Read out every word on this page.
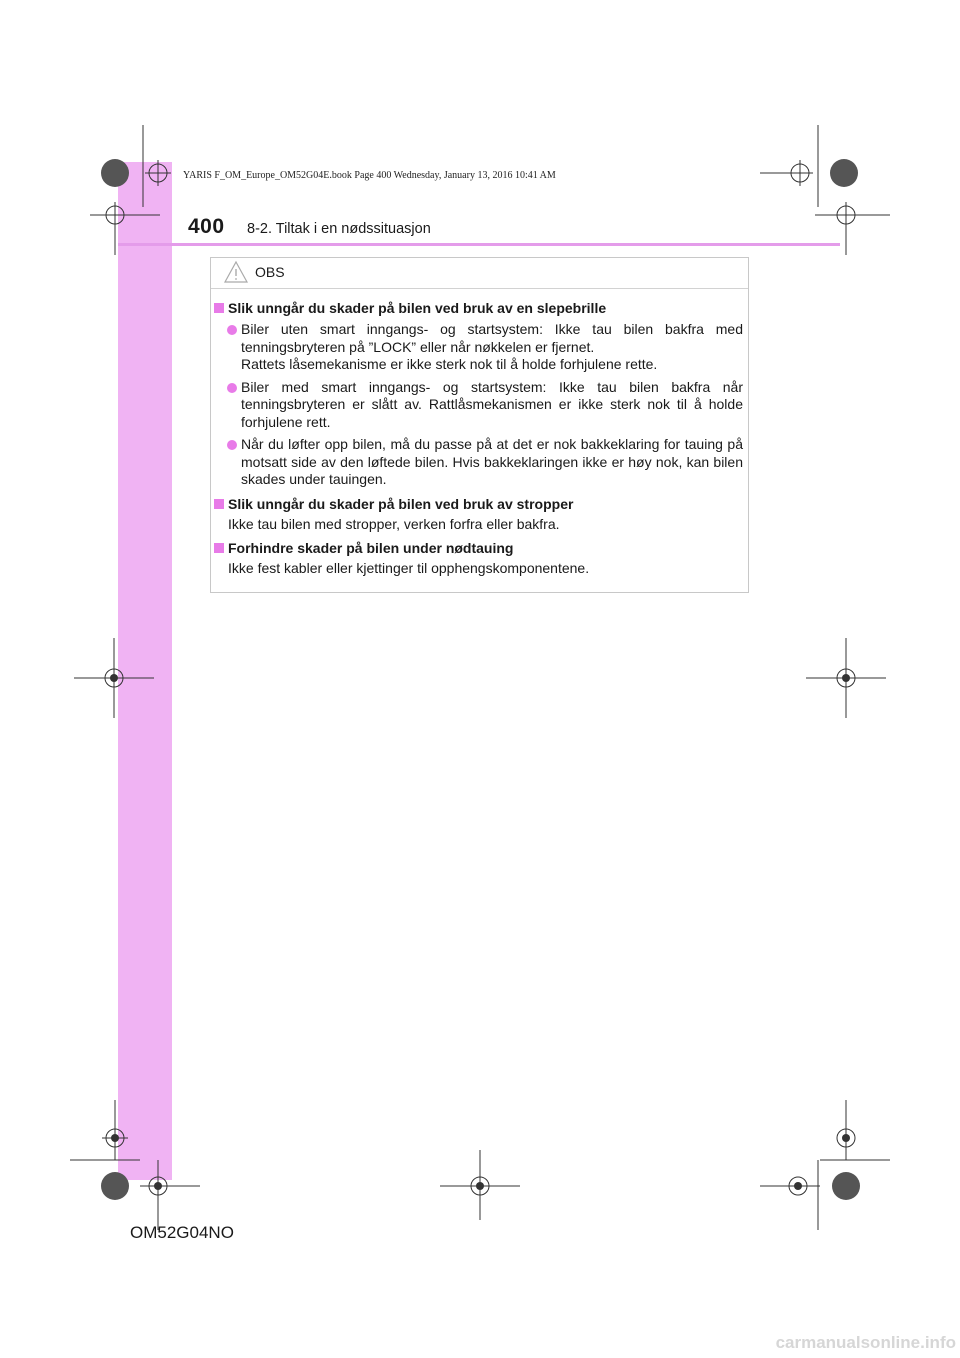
YARIS F_OM_Europe_OM52G04E.book Page 400 Wednesday, January 13, 2016 10:41 AM
400 8-2. Tiltak i en nødssituasjon
OBS
Slik unngår du skader på bilen ved bruk av en slepebrille
Biler uten smart inngangs- og startsystem: Ikke tau bilen bakfra med tenningsbryteren på ”LOCK” eller når nøkkelen er fjernet.
Rattets låsemekanisme er ikke sterk nok til å holde forhjulene rette.
Biler med smart inngangs- og startsystem: Ikke tau bilen bakfra når tenningsbryteren er slått av. Rattlåsmekanismen er ikke sterk nok til å holde forhjulene rett.
Når du løfter opp bilen, må du passe på at det er nok bakkeklaring for tauing på motsatt side av den løftede bilen. Hvis bakkeklaringen ikke er høy nok, kan bilen skades under tauingen.
Slik unngår du skader på bilen ved bruk av stropper
Ikke tau bilen med stropper, verken forfra eller bakfra.
Forhindre skader på bilen under nødtauing
Ikke fest kabler eller kjettinger til opphengskomponentene.
OM52G04NO
carmanualsonline.info
